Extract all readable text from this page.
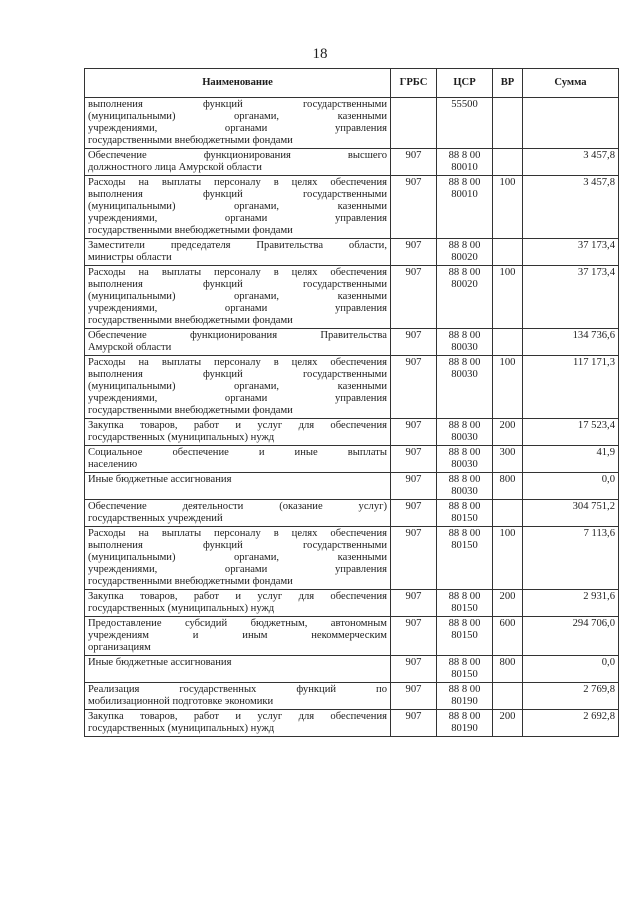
18
Наименование	ГРБС	ЦСР	ВР	Сумма

выполнения функций государственными
(муниципальными) органами, казенными
учреждениями, органами управления
государственными внебюджетными фондами		55500		

Обеспечение функционирования высшего
должностного лица Амурской области	907	88 8 00 80010		3 457,8

Расходы на выплаты персоналу в целях обеспечения
выполнения функций государственными
(муниципальными) органами, казенными
учреждениями, органами управления
государственными внебюджетными фондами	907	88 8 00 80010	100	3 457,8

Заместители председателя Правительства области,
министры области	907	88 8 00 80020		37 173,4

Расходы на выплаты персоналу в целях обеспечения
выполнения функций государственными
(муниципальными) органами, казенными
учреждениями, органами управления
государственными внебюджетными фондами	907	88 8 00 80020	100	37 173,4

Обеспечение функционирования Правительства
Амурской области	907	88 8 00 80030		134 736,6

Расходы на выплаты персоналу в целях обеспечения
выполнения функций государственными
(муниципальными) органами, казенными
учреждениями, органами управления
государственными внебюджетными фондами	907	88 8 00 80030	100	117 171,3

Закупка товаров, работ и услуг для обеспечения
государственных (муниципальных) нужд	907	88 8 00 80030	200	17 523,4

Социальное обеспечение и иные выплаты
населению	907	88 8 00 80030	300	41,9

Иные бюджетные ассигнования	907	88 8 00 80030	800	0,0

Обеспечение деятельности (оказание услуг)
государственных учреждений	907	88 8 00 80150		304 751,2

Расходы на выплаты персоналу в целях обеспечения
выполнения функций государственными
(муниципальными) органами, казенными
учреждениями, органами управления
государственными внебюджетными фондами	907	88 8 00 80150	100	7 113,6

Закупка товаров, работ и услуг для обеспечения
государственных (муниципальных) нужд	907	88 8 00 80150	200	2 931,6

Предоставление субсидий бюджетным, автономным
учреждениям и иным некоммерческим
организациям	907	88 8 00 80150	600	294 706,0

Иные бюджетные ассигнования	907	88 8 00 80150	800	0,0

Реализация государственных функций по
мобилизационной подготовке экономики	907	88 8 00 80190		2 769,8

Закупка товаров, работ и услуг для обеспечения
государственных (муниципальных) нужд	907	88 8 00 80190	200	2 692,8
